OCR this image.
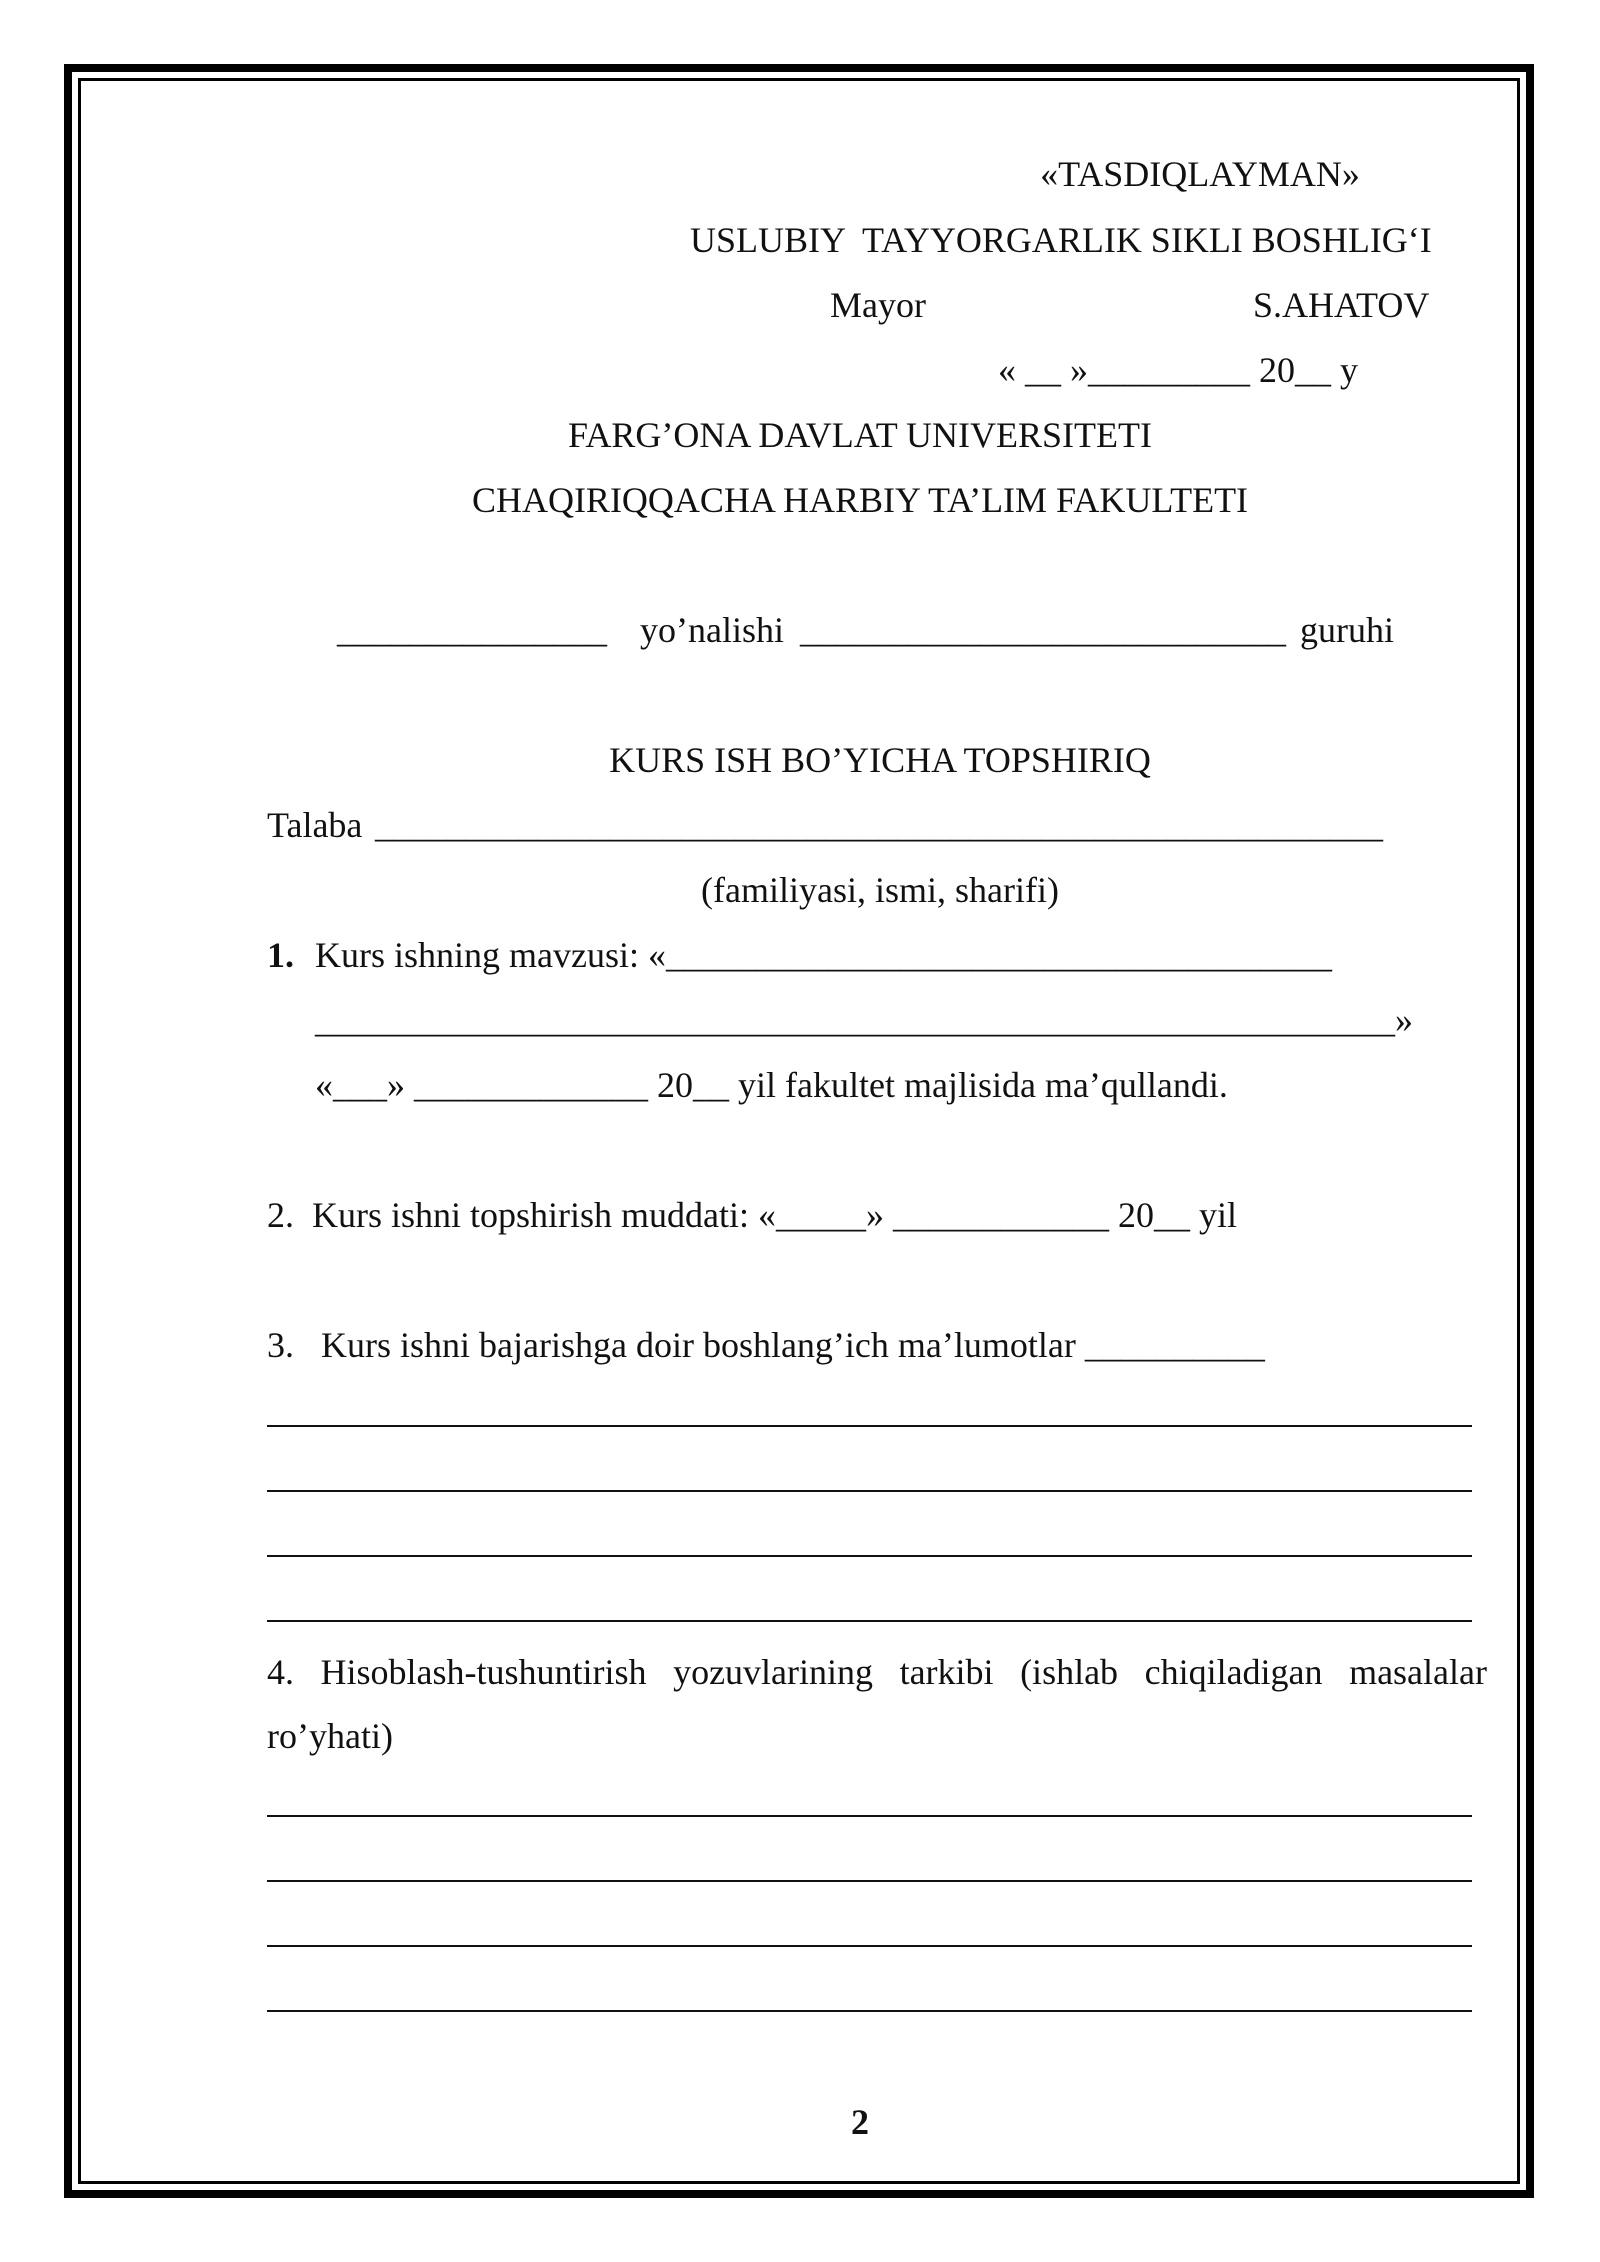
«TASDIQLAYMAN»
USLUBIY  TAYYORGARLIK SIKLI BOSHLIG‘I
Mayor	S.AHATOV
« __ »_________ 20__ y
FARG’ONA DAVLAT UNIVERSITETI
CHAQIRIQQACHA HARBIY TA’LIM FAKULTETI
_______________ yo’nalishi ___________________________ guruhi
KURS ISH BO’YICHA TOPSHIRIQ
Talaba ________________________________________________________
(familiyasi, ismi, sharifi)
1. Kurs ishning mavzusi: «_____________________________________
____________________________________________________________»
«___» _____________ 20__ yil fakultet majlisida ma’qullandi.
2.  Kurs ishni topshirish muddati: «_____» ____________ 20__ yil
3.   Kurs ishni bajarishga doir boshlang’ich ma’lumotlar __________
4. Hisoblash-tushuntirish yozuvlarining tarkibi (ishlab chiqiladigan masalalar ro’yhati)
2
